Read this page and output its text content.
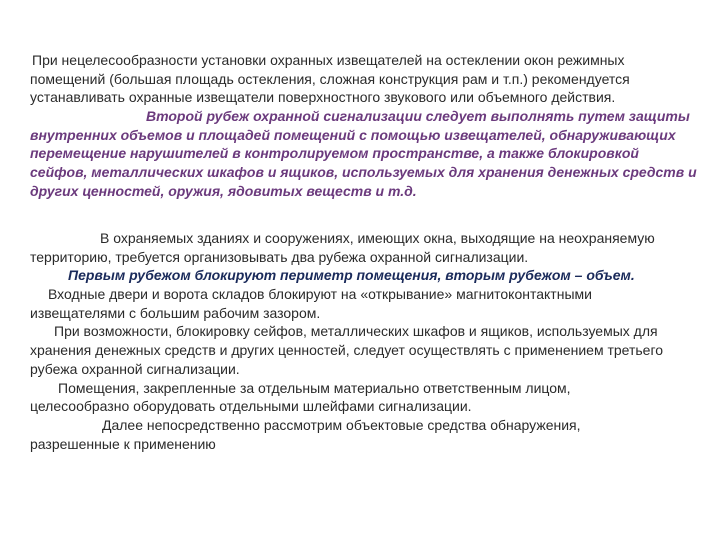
При нецелесообразности установки охранных извещателей на остеклении окон режимных
помещений (большая площадь остекления, сложная конструкция рам и т.п.) рекомендуется
устанавливать охранные извещатели поверхностного звукового или объемного действия.
Второй рубеж охранной сигнализации следует выполнять путем защиты
внутренних объемов и площадей помещений с помощью извещателей, обнаруживающих
перемещение нарушителей в контролируемом пространстве, а также блокировкой
сейфов, металлических шкафов и ящиков, используемых для хранения денежных средств и
других ценностей, оружия, ядовитых веществ и т.д.
В охраняемых зданиях и сооружениях, имеющих окна, выходящие на неохраняемую
территорию, требуется организовывать два рубежа охранной сигнализации.
Первым рубежом блокируют периметр помещения, вторым рубежом – объем.
Входные двери и ворота складов блокируют на «открывание» магнитоконтактными
извещателями с большим рабочим зазором.
При возможности, блокировку сейфов, металлических шкафов и ящиков, используемых для
хранения денежных средств и других ценностей, следует осуществлять с применением третьего
рубежа охранной сигнализации.
Помещения, закрепленные за отдельным материально ответственным лицом,
целесообразно оборудовать отдельными шлейфами сигнализации.
Далее непосредственно рассмотрим объектовые средства обнаружения,
разрешенные к применению
